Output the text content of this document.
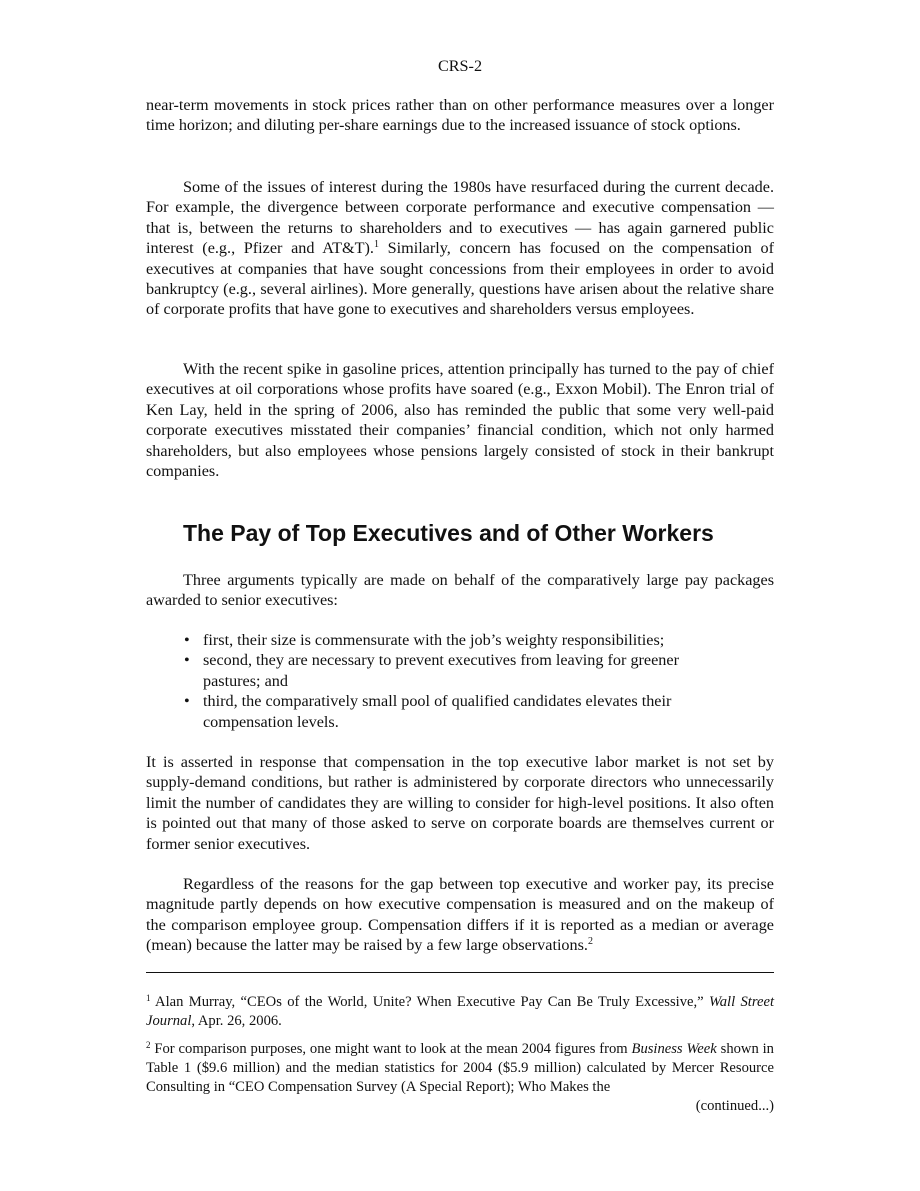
CRS-2

near-term movements in stock prices rather than on other performance measures over a longer time horizon; and diluting per-share earnings due to the increased issuance of stock options.

Some of the issues of interest during the 1980s have resurfaced during the current decade. For example, the divergence between corporate performance and executive compensation — that is, between the returns to shareholders and to executives — has again garnered public interest (e.g., Pfizer and AT&T).$^1$ Similarly, concern has focused on the compensation of executives at companies that have sought concessions from their employees in order to avoid bankruptcy (e.g., several airlines). More generally, questions have arisen about the relative share of corporate profits that have gone to executives and shareholders versus employees.

With the recent spike in gasoline prices, attention principally has turned to the pay of chief executives at oil corporations whose profits have soared (e.g., Exxon Mobil). The Enron trial of Ken Lay, held in the spring of 2006, also has reminded the public that some very well-paid corporate executives misstated their companies’ financial condition, which not only harmed shareholders, but also employees whose pensions largely consisted of stock in their bankrupt companies.

The Pay of Top Executives and of Other Workers

Three arguments typically are made on behalf of the comparatively large pay packages awarded to senior executives:

• first, their size is commensurate with the job’s weighty responsibilities;
• second, they are necessary to prevent executives from leaving for greener pastures; and
• third, the comparatively small pool of qualified candidates elevates their compensation levels.

It is asserted in response that compensation in the top executive labor market is not set by supply-demand conditions, but rather is administered by corporate directors who unnecessarily limit the number of candidates they are willing to consider for high-level positions. It also often is pointed out that many of those asked to serve on corporate boards are themselves current or former senior executives.

Regardless of the reasons for the gap between top executive and worker pay, its precise magnitude partly depends on how executive compensation is measured and on the makeup of the comparison employee group. Compensation differs if it is reported as a median or average (mean) because the latter may be raised by a few large observations.$^2$

$^1$ Alan Murray, “CEOs of the World, Unite? When Executive Pay Can Be Truly Excessive,” Wall Street Journal, Apr. 26, 2006.

$^2$ For comparison purposes, one might want to look at the mean 2004 figures from Business Week shown in Table 1 ($9.6 million) and the median statistics for 2004 ($5.9 million) calculated by Mercer Resource Consulting in “CEO Compensation Survey (A Special Report); Who Makes the

(continued...)
